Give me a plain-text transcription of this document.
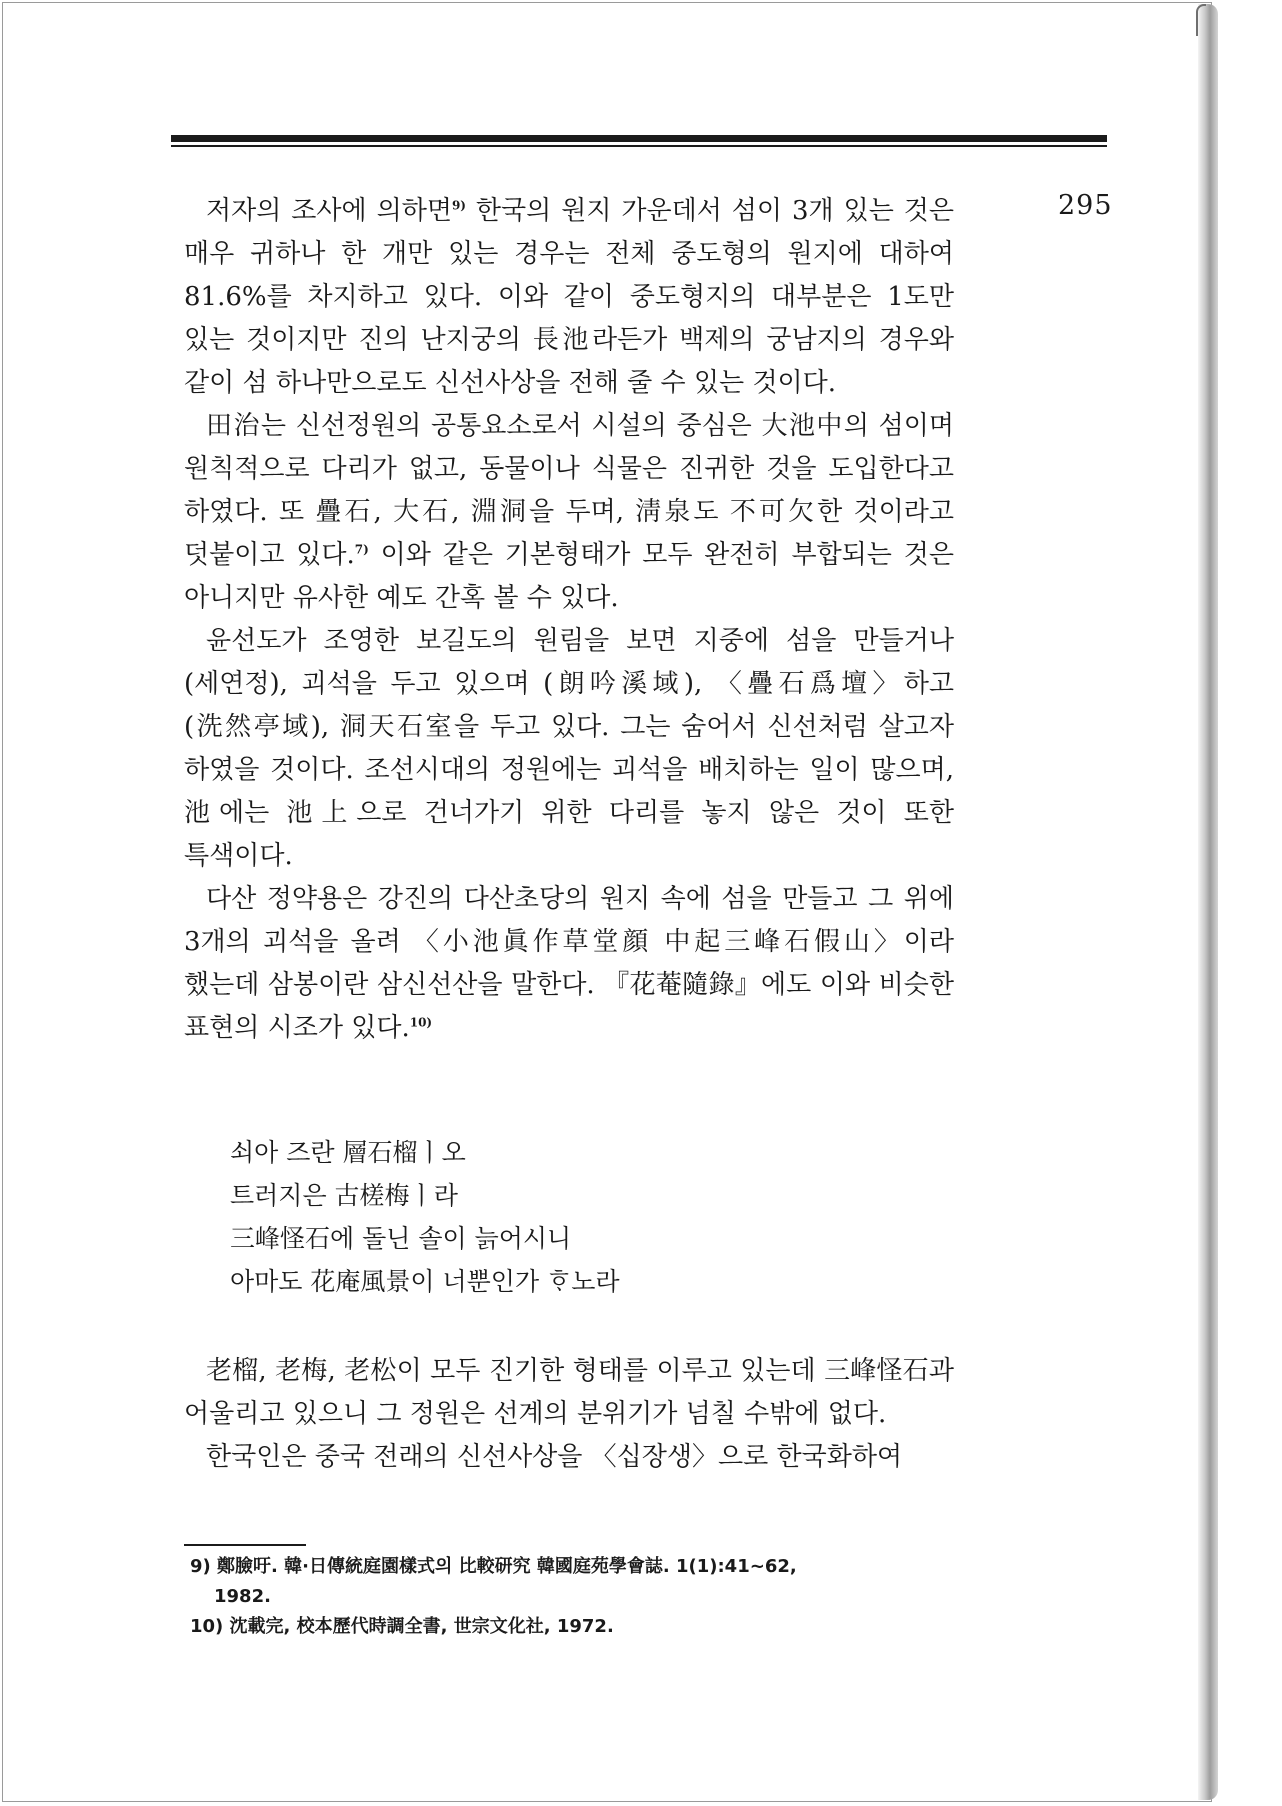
295

저자의 조사에 의하면$^{9)}$ 한국의 원지 가운데서 섬이 3개 있는 것은 매우 귀하나 한 개만 있는 경우는 전체 중도형의 원지에 대하여 81.6%를 차지하고 있다. 이와 같이 중도형지의 대부분은 1도만 있는 것이지만 진의 난지궁의 長池라든가 백제의 궁남지의 경우와 같이 섬 하나만으로도 신선사상을 전해 줄 수 있는 것이다.

田治는 신선정원의 공통요소로서 시설의 중심은 大池中의 섬이며 원칙적으로 다리가 없고, 동물이나 식물은 진귀한 것을 도입한다고 하였다. 또 疊石, 大石, 淵洞을 두며, 淸泉도 不可欠한 것이라고 덧붙이고 있다.$^{7)}$ 이와 같은 기본형태가 모두 완전히 부합되는 것은 아니지만 유사한 예도 간혹 볼 수 있다.

윤선도가 조영한 보길도의 원림을 보면 지중에 섬을 만들거나 (세연정), 괴석을 두고 있으며 (朗吟溪域), 〈疊石爲壇〉하고(洗然亭域), 洞天石室을 두고 있다. 그는 숨어서 신선처럼 살고자 하였을 것이다. 조선시대의 정원에는 괴석을 배치하는 일이 많으며, 池에는 池上으로 건너가기 위한 다리를 놓지 않은 것이 또한 특색이다.

다산 정약용은 강진의 다산초당의 원지 속에 섬을 만들고 그 위에 3개의 괴석을 올려 〈小池眞作草堂顔 中起三峰石假山〉이라 했는데 삼봉이란 삼신선산을 말한다. 『花菴隨錄』에도 이와 비슷한 표현의 시조가 있다.$^{10)}$

쇠아 즈란 層石榴ㅣ오
트러지은 古槎梅ㅣ라
三峰怪石에 돌닌 솔이 늙어시니
아마도 花庵風景이 너뿐인가 ᄒᆞ노라

老榴, 老梅, 老松이 모두 진기한 형태를 이루고 있는데 三峰怪石과 어울리고 있으니 그 정원은 선계의 분위기가 넘칠 수밖에 없다.

한국인은 중국 전래의 신선사상을 〈십장생〉으로 한국화하여

9) 鄭臉吁. 韓·日傳統庭園樣式의 比較研究 韓國庭苑學會誌. 1(1):41∼62,
1982.
10) 沈載完, 校本歷代時調全書, 世宗文化社, 1972.
